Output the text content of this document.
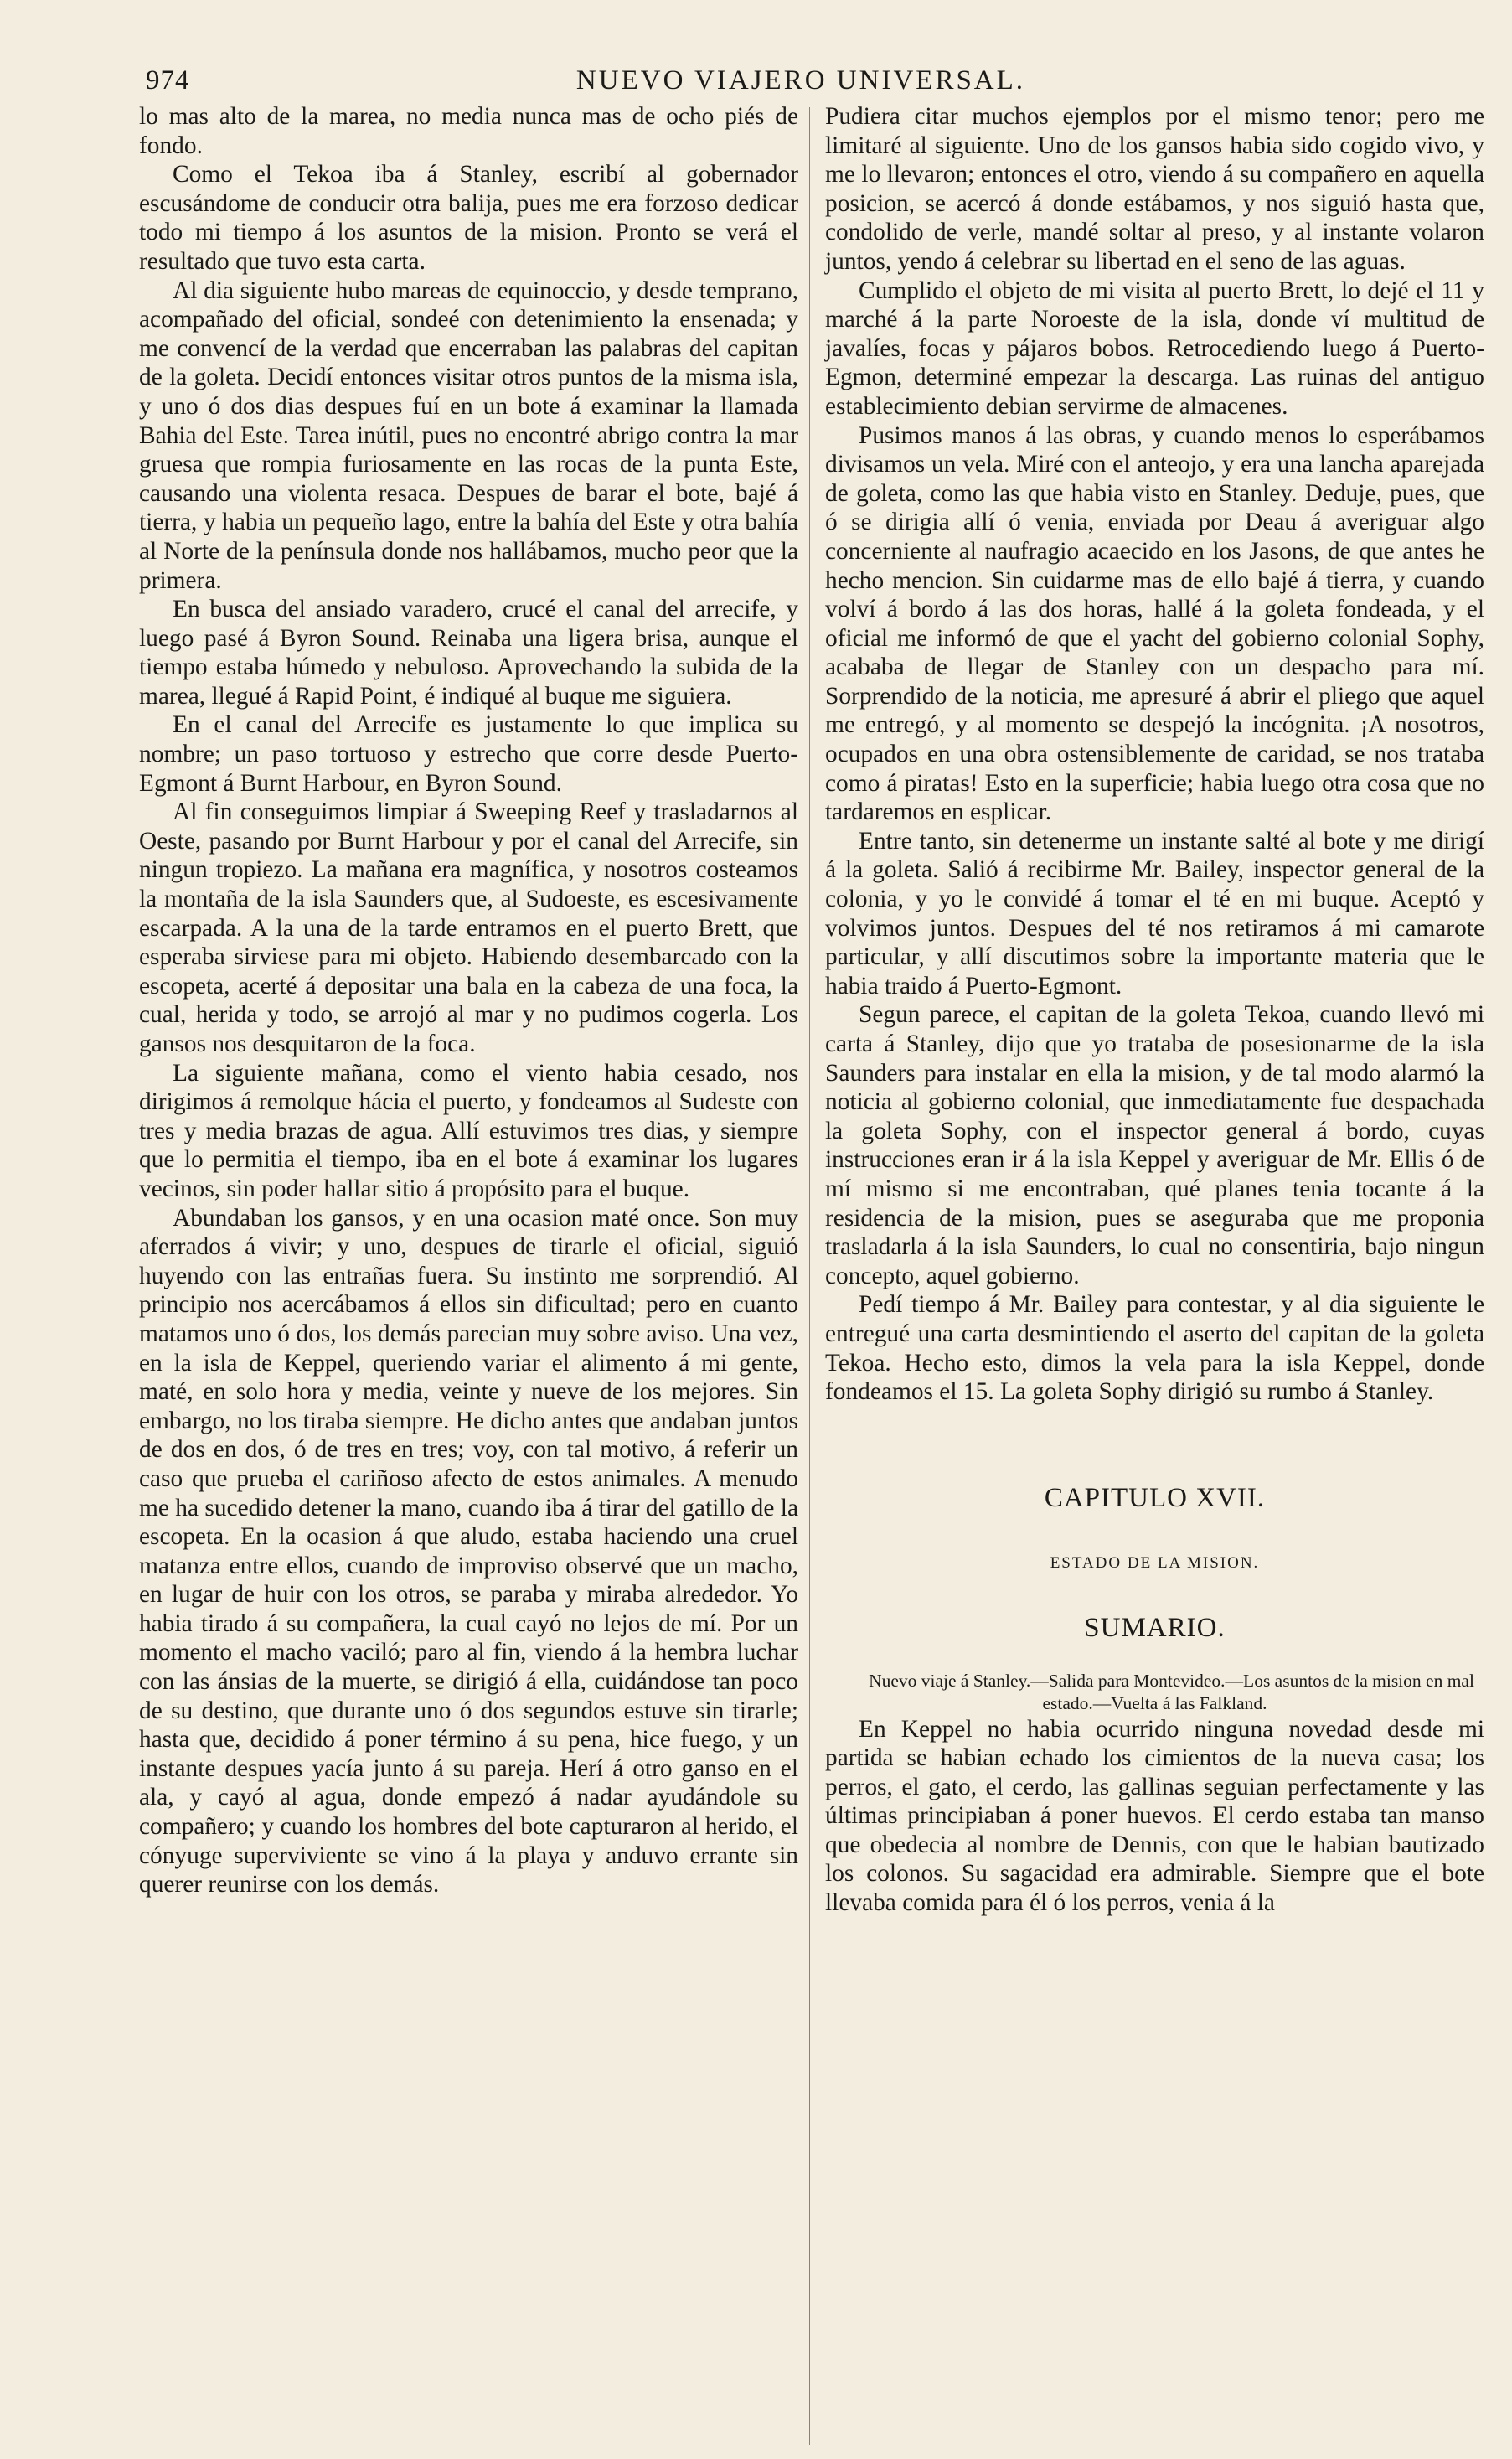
974	NUEVO VIAJERO UNIVERSAL.

lo mas alto de la marea, no media nunca mas de ocho piés de fondo.

Como el Tekoa iba á Stanley, escribí al gobernador escusándome de conducir otra balija, pues me era forzoso dedicar todo mi tiempo á los asuntos de la mision. Pronto se verá el resultado que tuvo esta carta.

Al dia siguiente hubo mareas de equinoccio, y desde temprano, acompañado del oficial, sondeé con detenimiento la ensenada; y me convencí de la verdad que encerraban las palabras del capitan de la goleta. Decidí entonces visitar otros puntos de la misma isla, y uno ó dos dias despues fuí en un bote á examinar la llamada Bahia del Este. Tarea inútil, pues no encontré abrigo contra la mar gruesa que rompia furiosamente en las rocas de la punta Este, causando una violenta resaca. Despues de barar el bote, bajé á tierra, y habia un pequeño lago, entre la bahía del Este y otra bahía al Norte de la península donde nos hallábamos, mucho peor que la primera.

En busca del ansiado varadero, crucé el canal del arrecife, y luego pasé á Byron Sound. Reinaba una ligera brisa, aunque el tiempo estaba húmedo y nebuloso. Aprovechando la subida de la marea, llegué á Rapid Point, é indiqué al buque me siguiera.

En el canal del Arrecife es justamente lo que implica su nombre; un paso tortuoso y estrecho que corre desde Puerto-Egmont á Burnt Harbour, en Byron Sound.

Al fin conseguimos limpiar á Sweeping Reef y trasladarnos al Oeste, pasando por Burnt Harbour y por el canal del Arrecife, sin ningun tropiezo. La mañana era magnífica, y nosotros costeamos la montaña de la isla Saunders que, al Sudoeste, es escesivamente escarpada. A la una de la tarde entramos en el puerto Brett, que esperaba sirviese para mi objeto. Habiendo desembarcado con la escopeta, acerté á depositar una bala en la cabeza de una foca, la cual, herida y todo, se arrojó al mar y no pudimos cogerla. Los gansos nos desquitaron de la foca.

La siguiente mañana, como el viento habia cesado, nos dirigimos á remolque hácia el puerto, y fondeamos al Sudeste con tres y media brazas de agua. Allí estuvimos tres dias, y siempre que lo permitia el tiempo, iba en el bote á examinar los lugares vecinos, sin poder hallar sitio á propósito para el buque.

Abundaban los gansos, y en una ocasion maté once. Son muy aferrados á vivir; y uno, despues de tirarle el oficial, siguió huyendo con las entrañas fuera. Su instinto me sorprendió. Al principio nos acercábamos á ellos sin dificultad; pero en cuanto matamos uno ó dos, los demás parecian muy sobre aviso. Una vez, en la isla de Keppel, queriendo variar el alimento á mi gente, maté, en solo hora y media, veinte y nueve de los mejores. Sin embargo, no los tiraba siempre. He dicho antes que andaban juntos de dos en dos, ó de tres en tres; voy, con tal motivo, á referir un caso que prueba el cariñoso afecto de estos animales. A menudo me ha sucedido detener la mano, cuando iba á tirar del gatillo de la escopeta. En la ocasion á que aludo, estaba haciendo una cruel matanza entre ellos, cuando de improviso observé que un macho, en lugar de huir con los otros, se paraba y miraba alrededor. Yo habia tirado á su compañera, la cual cayó no lejos de mí. Por un momento el macho vaciló; paro al fin, viendo á la hembra luchar con las ánsias de la muerte, se dirigió á ella, cuidándose tan poco de su destino, que durante uno ó dos segundos estuve sin tirarle; hasta que, decidido á poner término á su pena, hice fuego, y un instante despues yacía junto á su pareja. Herí á otro ganso en el ala, y cayó al agua, donde empezó á nadar ayudándole su compañero; y cuando los hombres del bote capturaron al herido, el cónyuge superviviente se vino á la playa y anduvo errante sin querer reunirse con los demás.

Pudiera citar muchos ejemplos por el mismo tenor; pero me limitaré al siguiente. Uno de los gansos habia sido cogido vivo, y me lo llevaron; entonces el otro, viendo á su compañero en aquella posicion, se acercó á donde estábamos, y nos siguió hasta que, condolido de verle, mandé soltar al preso, y al instante volaron juntos, yendo á celebrar su libertad en el seno de las aguas.

Cumplido el objeto de mi visita al puerto Brett, lo dejé el 11 y marché á la parte Noroeste de la isla, donde ví multitud de javalíes, focas y pájaros bobos. Retrocediendo luego á Puerto-Egmon, determiné empezar la descarga. Las ruinas del antiguo establecimiento debian servirme de almacenes.

Pusimos manos á las obras, y cuando menos lo esperábamos divisamos un vela. Miré con el anteojo, y era una lancha aparejada de goleta, como las que habia visto en Stanley. Deduje, pues, que ó se dirigia allí ó venia, enviada por Deau á averiguar algo concerniente al naufragio acaecido en los Jasons, de que antes he hecho mencion. Sin cuidarme mas de ello bajé á tierra, y cuando volví á bordo á las dos horas, hallé á la goleta fondeada, y el oficial me informó de que el yacht del gobierno colonial Sophy, acababa de llegar de Stanley con un despacho para mí. Sorprendido de la noticia, me apresuré á abrir el pliego que aquel me entregó, y al momento se despejó la incógnita. ¡A nosotros, ocupados en una obra ostensiblemente de caridad, se nos trataba como á piratas! Esto en la superficie; habia luego otra cosa que no tardaremos en esplicar.

Entre tanto, sin detenerme un instante salté al bote y me dirigí á la goleta. Salió á recibirme Mr. Bailey, inspector general de la colonia, y yo le convidé á tomar el té en mi buque. Aceptó y volvimos juntos. Despues del té nos retiramos á mi camarote particular, y allí discutimos sobre la importante materia que le habia traido á Puerto-Egmont.

Segun parece, el capitan de la goleta Tekoa, cuando llevó mi carta á Stanley, dijo que yo trataba de posesionarme de la isla Saunders para instalar en ella la mision, y de tal modo alarmó la noticia al gobierno colonial, que inmediatamente fue despachada la goleta Sophy, con el inspector general á bordo, cuyas instrucciones eran ir á la isla Keppel y averiguar de Mr. Ellis ó de mí mismo si me encontraban, qué planes tenia tocante á la residencia de la mision, pues se aseguraba que me proponia trasladarla á la isla Saunders, lo cual no consentiria, bajo ningun concepto, aquel gobierno.

Pedí tiempo á Mr. Bailey para contestar, y al dia siguiente le entregué una carta desmintiendo el aserto del capitan de la goleta Tekoa. Hecho esto, dimos la vela para la isla Keppel, donde fondeamos el 15. La goleta Sophy dirigió su rumbo á Stanley.

CAPITULO XVII.
ESTADO DE LA MISION.
SUMARIO.

Nuevo viaje á Stanley.—Salida para Montevideo.—Los asuntos de la mision en mal estado.—Vuelta á las Falkland.

En Keppel no habia ocurrido ninguna novedad desde mi partida se habian echado los cimientos de la nueva casa; los perros, el gato, el cerdo, las gallinas seguian perfectamente y las últimas principiaban á poner huevos. El cerdo estaba tan manso que obedecia al nombre de Dennis, con que le habian bautizado los colonos. Su sagacidad era admirable. Siempre que el bote llevaba comida para él ó los perros, venia á la
